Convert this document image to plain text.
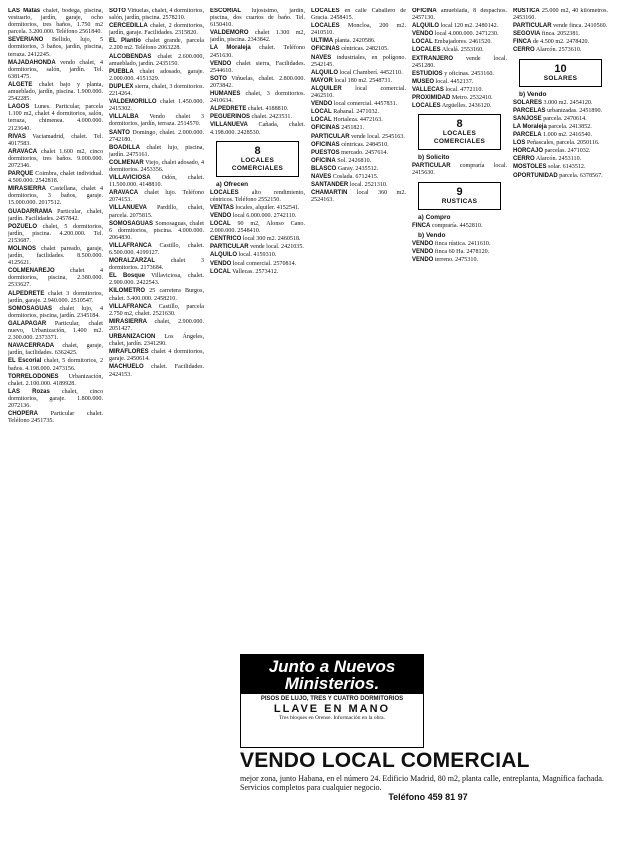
LAS Matas chalet, bodega, piscina, vestuario, jardín, garaje, ocho dormitorios, tres baños, 1.750 m2 parcela. 3.200.000. Teléfono 2561840.

SEVERIANO Bellido, lujo, 5 dormitorios, 3 baños, jardín, piscina, terraza. 2412245.

MAJADAHONDA vendo chalet, 4 dormitorios, salón, jardín. Tel. 6381475.

ALGETE chalet bajo y planta, amueblado, jardín, piscina. 1.900.000. 2542285.

LAGOS Lunes. Particular, parcela 1.100 m2, chalet 4 dormitorios, salón, terraza, chimenea. 4.000.000. 2123640.

RIVAS Vaciamadrid, chalet. Tel. 4017583.

ARAVACA chalet 1.600 m2, cinco dormitorios, tres baños. 9.000.000. 2072346.

PARQUE Coimbra, chalet individual. 4.500.000. 2542818.

MIRASIERRA Castellana, chalet 4 dormitorios, 3 baños, garaje. 15.000.000. 2017512.

GUADARRAMA Particular, chalet, jardín. Facilidades. 2457842.

POZUELO chalet, 5 dormitorios, jardín, piscina. 4.200.000. Tel. 2153687.

MOLINOS chalet pareado, garaje, jardín, facilidades. 8.500.000. 4125621.

COLMENAREJO chalet 4 dormitorios, piscina, 2.380.000. 2533627.

ALPEDRETE chalet 3 dormitorios, jardín, garaje. 2.940.000. 2510547.

SOMOSAGUAS chalet lujo, 4 dormitorios, piscina, jardín. 2345184.

GALAPAGAR Particular, chalet nuevo, Urbanización, 1.400 m2. 2.300.000. 2373371.

NAVACERRADA chalet, garaje, jardín, facilidades. 6362425.

EL Escorial chalet, 5 dormitorios, 2 baños. 4.198.000. 2473156.

TORRELODONES Urbanización, chalet. 2.100.000. 4189928.

LAS Rozas chalet, cinco dormitorios, garaje. 1.800.000. 2072136.

CHOPERA Particular chalet. Teléfono 2451735.

SOTO Viñuelas, chalet, 4 dormitorios, salón, jardín, piscina. 2578210.

CERCEDILLA chalet, 2 dormitorios, jardín, garaje. Facilidades. 2315820.

EL Plantío chalet grande, parcela 2.200 m2. Teléfono 2063228.

ALCOBENDAS chalet 2.600.000, amueblado, jardín. 2435150.

PUEBLA chalet adosado, garaje. 2.000.000. 4151329.

DUPLEX sierra, chalet, 3 dormitorios. 2214264.

VALDEMORILLO chalet 1.450.000. 2415302.

VILLALBA Vendo chalet 3 dormitorios, jardín, terraza. 2514570.

SANTO Domingo, chalet. 2.000.000. 2742180.

BOADILLA chalet lujo, piscina, jardín. 2475161.

COLMENAR Viejo, chalet adosado, 4 dormitorios. 2453356.

VILLAVICIOSA Odón, chalet. 11.500.000. 4148810.

ARAVACA chalet lujo. Teléfono 2074153.

VILLANUEVA Pardillo, chalet, parcela. 2075815.

SOMOSAGUAS Somosaguas, chalet 6 dormitorios, piscina. 4.000.000. 2064830.

VILLAFRANCA Castillo, chalet. 6.500.000. 4199127.

MORALZARZAL chalet 3 dormitorios. 2173684.

EL Bosque Villaviciosa, chalet. 2.900.000. 2422543.

KILOMETRO 25 carretera Burgos, chalet. 3.400.000. 2458210.

VILLAFRANCA Castillo, parcela 2.750 m2, chalet. 2521630.

MIRASIERRA chalet, 2.900.000. 2051427.

URBANIZACION Los Ángeles, chalet, jardín. 2341290.

MIRAFLORES chalet 4 dormitorios, garaje. 2450614.

MACHUELO chalet. Facilidades. 2424153.

ESCORIAL lujosísimo, jardín, piscina, dos cuartos de baño. Tel. 6150410.

VALDEMORO chalet 1.300 m2, jardín, piscina. 2343842.

LA Moraleja chalet. Teléfono 2451630.

VENDO chalet sierra, Facilidades. 2544610.

SOTO Viñuelas, chalet. 2.800.000. 2073842.

HUMANES chalet, 3 dormitorios. 2410634.

ALPEDRETE chalet. 4188810.

PEGUERINOS chalet. 2423531.

VILLANUEVA Cañada, chalet. 4.198.000. 2428530.

8
LOCALES COMERCIALES
a) Ofrecen

LOCALES alto rendimiento, céntricos. Teléfono 2552150.

VENTAS locales, alquiler. 4152541.

VENDO local 6.000.000. 2742110.

LOCAL 90 m2, Alonso Cano. 2.000.000. 2548410.

CENTRICO local 300 m2. 2460518.

PARTICULAR vende local. 2421035.

ALQUILO local. 4159310.

VENDO local comercial. 2570814.

LOCAL Vallecas. 2573412.

LOCALES en calle Caballero de Gracia. 2458415.

LOCALES Moncloa, 200 m2. 2410510.

ULTIMA planta. 2420586.

OFICINAS céntricas. 2482105.

NAVES industriales, en polígono. 2542145.

ALQUILO local Chamberí. 4452110.

MAYOR local 180 m2. 2548731.

ALQUILER local comercial. 2462510.

VENDO local comercial. 4457831.

LOCAL Rabanal. 2471032.

LOCAL Hortaleza. 4472163.

OFICINAS 2451821.

PARTICULAR vende local. 2545163.

OFICINAS céntricas. 2484510.

PUESTOS mercado. 2457614.

OFICINA Sol. 2426810.

BLASCO Garay. 2435512.

NAVES Coslada. 6712415.

SANTANDER local. 2521310.

CHAMARTIN local 360 m2. 2524163.

OFICINA amueblada, 8 despachos. 2457130.

ALQUILO local 120 m2. 2480142.

VENDO local 4.000.000. 2471230.

LOCAL Embajadores. 2461520.

LOCALES Alcalá. 2553160.

EXTRANJERO vende local. 2451280.

ESTUDIOS y oficinas. 2453160.

MUSEO local. 4452137.

VALLECAS local. 4772110.

PROXIMIDAD Metro. 2532410.

LOCALES Argüelles. 2436120.

8
LOCALES COMERCIALES
b) Solicito

PARTICULAR compraría local. 2415630.

9
RUSTICAS
a) Compro

FINCA compraría. 4452810.

b) Vendo

VENDO finca rústica. 2411610.

VENDO finca 60 Ha. 2478120.

VENDO terreno. 2475310.

RUSTICA 25.000 m2, 40 kilómetros. 2453160.

PARTICULAR vende finca. 2410560.

SEGOVIA finca. 2052381.

FINCA de 4.500 m2. 2478420.

CERRO Alarcón. 2573610.

10
SOLARES
b) Vendo

SOLARES 3.000 m2. 2454120.

PARCELAS urbanizadas. 2451890.

SANJOSE parcela. 2470614.

LA Moraleja parcela. 2413852.

PARCELA 1.000 m2. 2416540.

LOS Peñascales, parcela. 2050116.

HORCAJO parcelas. 2471032.

CERRO Alarcón. 2453110.

MOSTOLES solar. 6143512.

OPORTUNIDAD parcela. 6378567.

Junto a Nuevos Ministerios.
PISOS DE LUJO, TRES Y CUATRO DORMITORIOS
LLAVE EN MANO
Tres bloques en Orense. Información en la obra.
VENDO LOCAL COMERCIAL
mejor zona, junto Habana, en el número 24. Edificio Madrid, 80 m2, planta calle, entreplanta, Magnífica fachada. Servicios completos para cualquier negocio.
Teléfono 459 81 97
